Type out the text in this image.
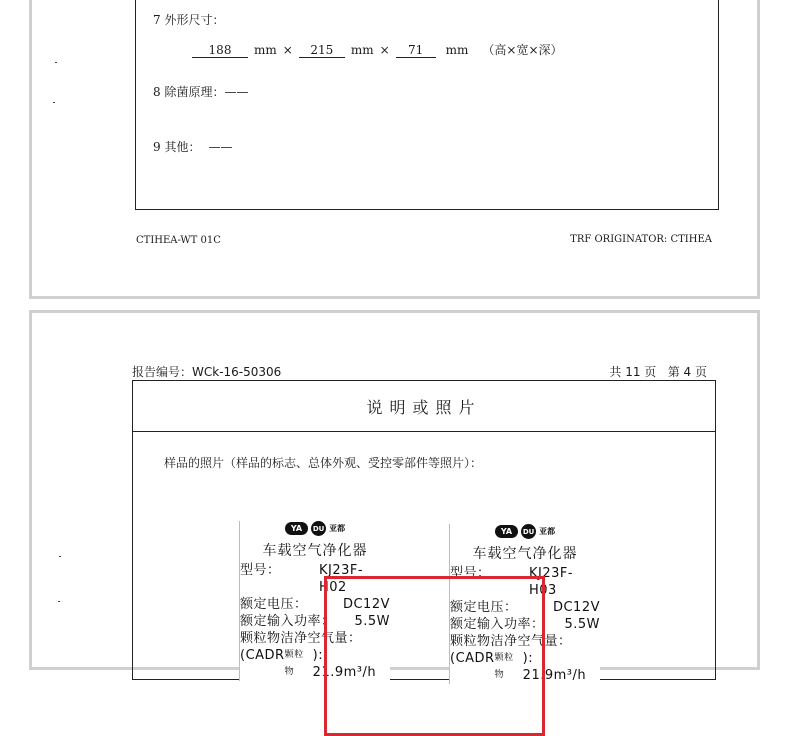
7 外形尺寸：
188	mm ×	215	mm ×	71	mm （高×宽×深）
8 除菌原理：——
9 其他： ——
CTIHEA-WT 01C	TRF ORIGINATOR: CTIHEA
报告编号：WCk-16-50306	共 11 页   第 4 页
说明或照片
样品的照片（样品的标志、总体外观、受控零部件等照片）：
YA	DU 亚都
车载空气净化器
型号：	KJ23F-H02
额定电压：	DC12V
额定输入功率： 5.5W
颗粒物洁净空气量：
(CADR 颗粒物
): 21.9m³/h
YA	DU 亚都
车载空气净化器
型号：	KJ23F-H03
额定电压：	DC12V
额定输入功率： 5.5W
颗粒物洁净空气量：
(CADR 颗粒物
): 21.9m³/h
